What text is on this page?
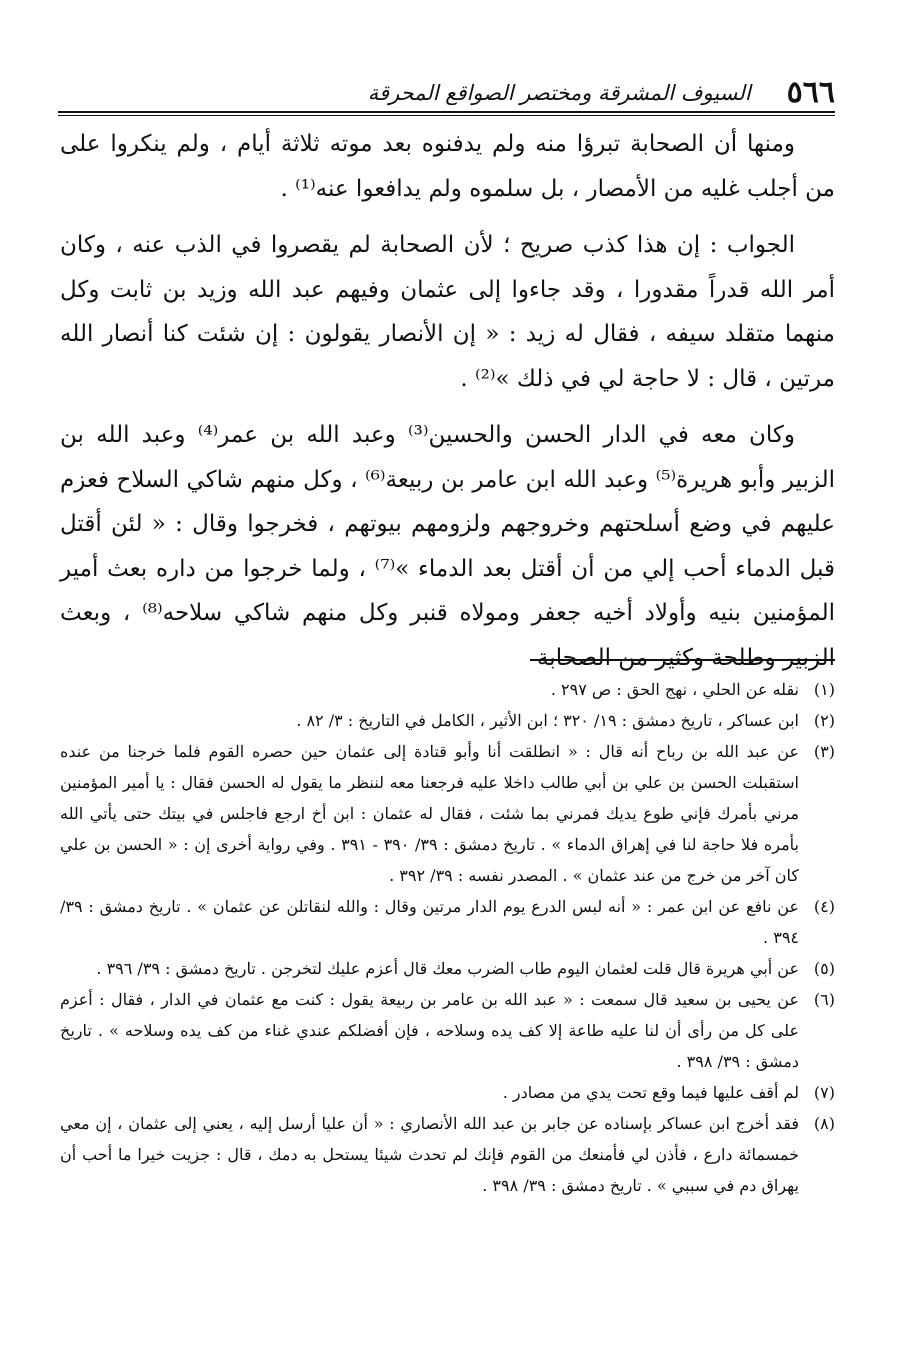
٥٦٦
السيوف المشرقة ومختصر الصواقع المحرقة

ومنها أن الصحابة تبرؤا منه ولم يدفنوه بعد موته ثلاثة أيام ، ولم ينكروا على من أجلب غليه من الأمصار ، بل سلموه ولم يدافعوا عنه⁽¹⁾ .

الجواب : إن هذا كذب صريح ؛ لأن الصحابة لم يقصروا في الذب عنه ، وكان أمر الله قدراً مقدورا ، وقد جاءوا إلى عثمان وفيهم عبد الله وزيد بن ثابت وكل منهما متقلد سيفه ، فقال له زيد : « إن الأنصار يقولون : إن شئت كنا أنصار الله مرتين ، قال : لا حاجة لي في ذلك »⁽²⁾ .

وكان معه في الدار الحسن والحسين⁽³⁾ وعبد الله بن عمر⁽⁴⁾ وعبد الله بن الزبير وأبو هريرة⁽⁵⁾ وعبد الله ابن عامر بن ربيعة⁽⁶⁾ ، وكل منهم شاكي السلاح فعزم عليهم في وضع أسلحتهم وخروجهم ولزومهم بيوتهم ، فخرجوا وقال : « لئن أقتل قبل الدماء أحب إلي من أن أقتل بعد الدماء »⁽⁷⁾ ، ولما خرجوا من داره بعث أمير المؤمنين بنيه وأولاد أخيه جعفر ومولاه قنبر وكل منهم شاكي سلاحه⁽⁸⁾ ، وبعث الزبير وطلحة وكثير من الصحابة

(١)
نقله عن الحلي ، نهج الحق : ص ٢٩٧ .
(٢)
ابن عساكر ، تاريخ دمشق : ١٩/ ٣٢٠ ؛ ابن الأثير ، الكامل في التاريخ : ٣/ ٨٢ .
(٣)
عن عبد الله بن رباح أنه قال : « انطلقت أنا وأبو قتادة إلى عثمان حين حصره القوم فلما خرجنا من عنده استقبلت الحسن بن علي بن أبي طالب داخلا عليه فرجعنا معه لننظر ما يقول له الحسن فقال : يا أمير المؤمنين مرني بأمرك فإني طوع يديك فمرني بما شئت ، فقال له عثمان : ابن أخ ارجع فاجلس في بيتك حتى يأتي الله بأمره فلا حاجة لنا في إهراق الدماء » . تاريخ دمشق : ٣٩/ ٣٩٠ - ٣٩١ . وفي رواية أخرى إن : « الحسن بن علي كان آخر من خرج من عند عثمان » . المصدر نفسه : ٣٩/ ٣٩٢ .
(٤)
عن نافع عن ابن عمر : « أنه لبس الدرع يوم الدار مرتين وقال : والله لنقاتلن عن عثمان » . تاريخ دمشق : ٣٩/ ٣٩٤ .
(٥)
عن أبي هريرة قال قلت لعثمان اليوم طاب الضرب معك قال أعزم عليك لتخرجن . تاريخ دمشق : ٣٩/ ٣٩٦ .
(٦)
عن يحيى بن سعيد قال سمعت : « عبد الله بن عامر بن ربيعة يقول : كنت مع عثمان في الدار ، فقال : أعزم على كل من رأى أن لنا عليه طاعة إلا كف يده وسلاحه ، فإن أفضلكم عندي غناء من كف يده وسلاحه » . تاريخ دمشق : ٣٩/ ٣٩٨ .
(٧)
لم أقف عليها فيما وقع تحت يدي من مصادر .
(٨)
فقد أخرج ابن عساكر بإسناده عن جابر بن عبد الله الأنصاري : « أن عليا أرسل إليه ، يعني إلى عثمان ، إن معي خمسمائة دارع ، فأذن لي فأمنعك من القوم فإنك لم تحدث شيئا يستحل به دمك ، قال : جزيت خيرا ما أحب أن يهراق دم في سببي » . تاريخ دمشق : ٣٩/ ٣٩٨ .
